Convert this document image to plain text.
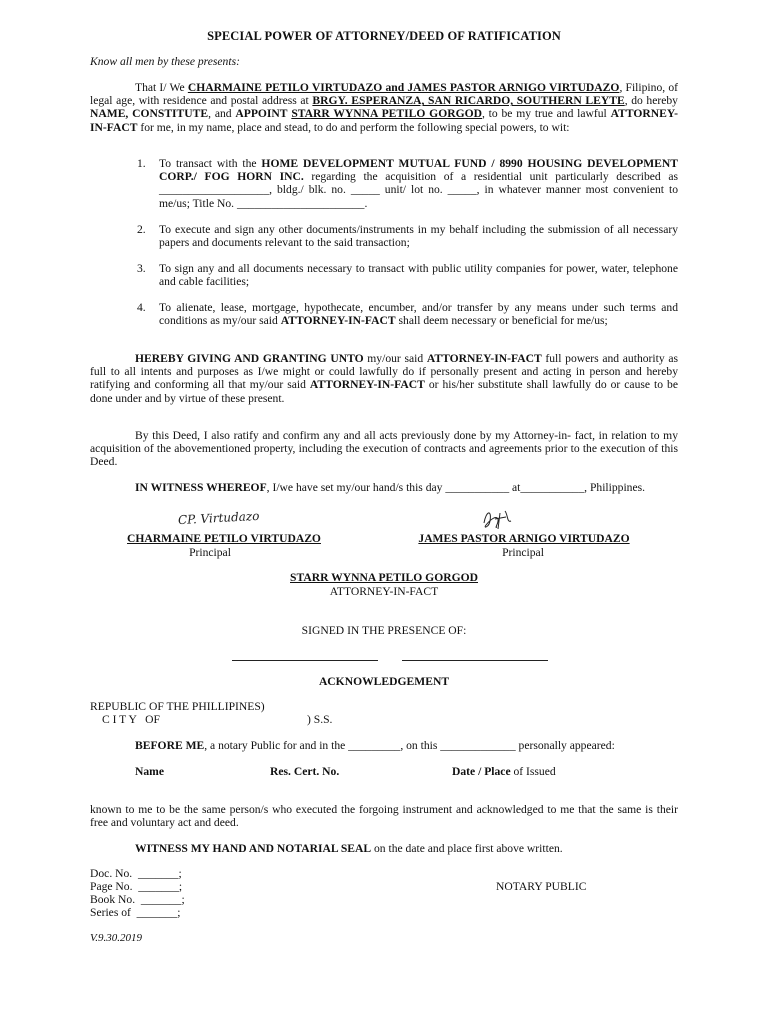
SPECIAL POWER OF ATTORNEY/DEED OF RATIFICATION
Know all men by these presents:

That I/ We CHARMAINE PETILO VIRTUDAZO and JAMES PASTOR ARNIGO VIRTUDAZO, Filipino, of legal age, with residence and postal address at BRGY. ESPERANZA, SAN RICARDO, SOUTHERN LEYTE, do hereby NAME, CONSTITUTE, and APPOINT STARR WYNNA PETILO GORGOD, to be my true and lawful ATTORNEY-IN-FACT for me, in my name, place and stead, to do and perform the following special powers, to wit:

1. To transact with the HOME DEVELOPMENT MUTUAL FUND / 8990 HOUSING DEVELOPMENT CORP./ FOG HORN INC. regarding the acquisition of a residential unit particularly described as ___________________, bldg./ blk. no. _____ unit/ lot no. _____, in whatever manner most convenient to me/us; Title No. ______________________.

2. To execute and sign any other documents/instruments in my behalf including the submission of all necessary papers and documents relevant to the said transaction;

3. To sign any and all documents necessary to transact with public utility companies for power, water, telephone and cable facilities;

4. To alienate, lease, mortgage, hypothecate, encumber, and/or transfer by any means under such terms and conditions as my/our said ATTORNEY-IN-FACT shall deem necessary or beneficial for me/us;

HEREBY GIVING AND GRANTING UNTO my/our said ATTORNEY-IN-FACT full powers and authority as full to all intents and purposes as I/we might or could lawfully do if personally present and acting in person and hereby ratifying and conforming all that my/our said ATTORNEY-IN-FACT or his/her substitute shall lawfully do or cause to be done under and by virtue of these present.

By this Deed, I also ratify and confirm any and all acts previously done by my Attorney-in- fact, in relation to my acquisition of the abovementioned property, including the execution of contracts and agreements prior to the execution of this Deed.

IN WITNESS WHEREOF, I/we have set my/our hand/s this day ___________ at___________, Philippines.

CP. Virtudazo
CHARMAINE PETILO VIRTUDAZO
Principal
JAMES PASTOR ARNIGO VIRTUDAZO
Principal
STARR WYNNA PETILO GORGOD
ATTORNEY-IN-FACT
SIGNED IN THE PRESENCE OF:
ACKNOWLEDGEMENT
REPUBLIC OF THE PHILLIPINES)
C I T Y   OF	) S.S.

BEFORE ME, a notary Public for and in the _________, on this _____________ personally appeared:

Name	Res. Cert. No.	Date / Place of Issued

known to me to be the same person/s who executed the forgoing instrument and acknowledged to me that the same is their free and voluntary act and deed.

WITNESS MY HAND AND NOTARIAL SEAL on the date and place first above written.

Doc. No.  _______;
Page No.  _______;
Book No.  _______;
Series of  _______;
NOTARY PUBLIC
V.9.30.2019
